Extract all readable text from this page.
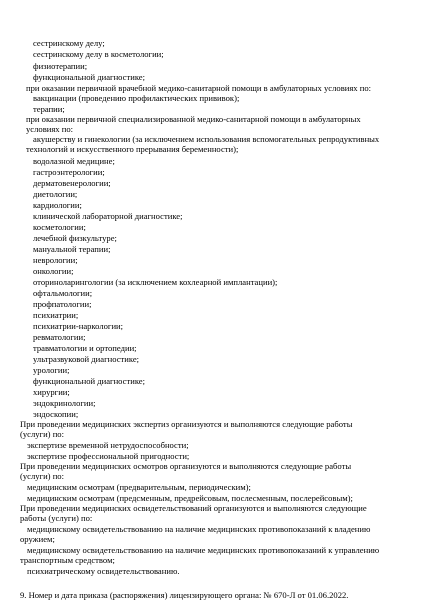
сестринскому делу;
сестринскому делу в косметологии;
физиотерапии;
функциональной диагностике;
при оказании первичной врачебной медико-санитарной помощи в амбулаторных условиях по:
вакцинации (проведению профилактических прививок);
терапии;
при оказании первичной специализированной медико-санитарной помощи в амбулаторных
условиях по:
акушерству и гинекологии (за исключением использования вспомогательных репродуктивных
технологий и искусственного прерывания беременности);
водолазной медицине;
гастроэнтерологии;
дерматовенерологии;
диетологии;
кардиологии;
клинической лабораторной диагностике;
косметологии;
лечебной физкультуре;
мануальной терапии;
неврологии;
онкологии;
оториноларингологии (за исключением кохлеарной имплантации);
офтальмологии;
профпатологии;
психиатрии;
психиатрии-наркологии;
ревматологии;
травматологии и ортопедии;
ультразвуковой диагностике;
урологии;
функциональной диагностике;
хирургии;
эндокринологии;
эндоскопии;
При проведении медицинских экспертиз организуются и выполняются следующие работы
(услуги) по:
экспертизе временной нетрудоспособности;
экспертизе профессиональной пригодности;
При проведении медицинских осмотров организуются и выполняются следующие работы
(услуги) по:
медицинским осмотрам (предварительным, периодическим);
медицинским осмотрам (предсменным, предрейсовым, послесменным, послерейсовым);
При проведении медицинских освидетельствований организуются и выполняются следующие
работы (услуги) по:
медицинскому освидетельствованию на наличие медицинских противопоказаний к владению
оружием;
медицинскому освидетельствованию на наличие медицинских противопоказаний к управлению
транспортным средством;
психиатрическому освидетельствованию.
9. Номер и дата приказа (распоряжения) лицензирующего органа: № 670-Л от 01.06.2022.
